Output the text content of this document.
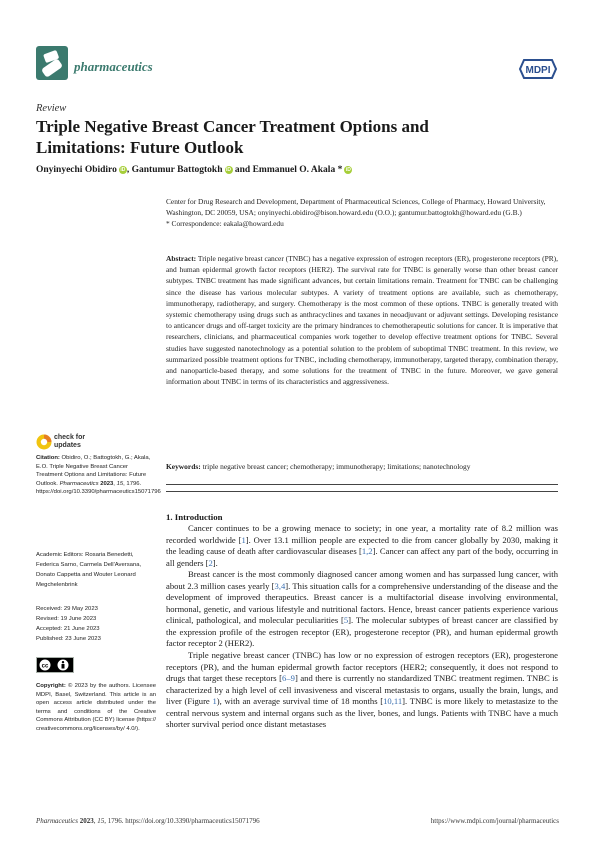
pharmaceutics	MDPI
Review
Triple Negative Breast Cancer Treatment Options and Limitations: Future Outlook
Onyinyechi Obidiro iD , Gantumur Battogtokh iD and Emmanuel O. Akala * iD
Center for Drug Research and Development, Department of Pharmaceutical Sciences, College of Pharmacy, Howard University, Washington, DC 20059, USA; onyinyechi.obidiro@bison.howard.edu (O.O.); gantumur.battogtokh@howard.edu (G.B.)
* Correspondence: eakala@howard.edu
Abstract: Triple negative breast cancer (TNBC) has a negative expression of estrogen receptors (ER), progesterone receptors (PR), and human epidermal growth factor receptors (HER2). The survival rate for TNBC is generally worse than other breast cancer subtypes. TNBC treatment has made significant advances, but certain limitations remain. Treatment for TNBC can be challenging since the disease has various molecular subtypes. A variety of treatment options are available, such as chemotherapy, immunotherapy, radiotherapy, and surgery. Chemotherapy is the most common of these options. TNBC is generally treated with systemic chemotherapy using drugs such as anthracyclines and taxanes in neoadjuvant or adjuvant settings. Developing resistance to anticancer drugs and off-target toxicity are the primary hindrances to chemotherapeutic solutions for cancer. It is imperative that researchers, clinicians, and pharmaceutical companies work together to develop effective treatment options for TNBC. Several studies have suggested nanotechnology as a potential solution to the problem of suboptimal TNBC treatment. In this review, we summarized possible treatment options for TNBC, including chemotherapy, immunotherapy, targeted therapy, combination therapy, and nanoparticle-based therapy, and some solutions for the treatment of TNBC in the future. Moreover, we gave general information about TNBC in terms of its characteristics and aggressiveness.
Keywords: triple negative breast cancer; chemotherapy; immunotherapy; limitations; nanotechnology
1. Introduction

Cancer continues to be a growing menace to society; in one year, a mortality rate of 8.2 million was recorded worldwide [1]. Over 13.1 million people are expected to die from cancer globally by 2030, making it the leading cause of death after cardiovascular diseases [1,2]. Cancer can affect any part of the body, occurring in all genders [2].

Breast cancer is the most commonly diagnosed cancer among women and has surpassed lung cancer, with about 2.3 million cases yearly [3,4]. This situation calls for a comprehensive understanding of the disease and the development of improved therapeutics. Breast cancer is a multifactorial disease involving environmental, hormonal, genetic, and various lifestyle and nutritional factors. Hence, breast cancer patients experience various clinical, pathological, and molecular peculiarities [5]. The molecular subtypes of breast cancer are classified by the expression profile of the estrogen receptor (ER), progesterone receptor (PR), and human epidermal growth factor receptor 2 (HER2).

Triple negative breast cancer (TNBC) has low or no expression of estrogen receptors (ER), progesterone receptors (PR), and the human epidermal growth factor receptors (HER2; consequently, it does not respond to drugs that target these receptors [6–9] and there is currently no standardized TNBC treatment regimen. TNBC is characterized by a high level of cell invasiveness and visceral metastasis to organs, usually the brain, lungs, and liver (Figure 1), with an average survival time of 18 months [10,11]. TNBC is more likely to metastasize to the central nervous system and internal organs such as the liver, bones, and lungs. Patients with TNBC have a much shorter survival period once distant metastases

check for
updates
Citation: Obidiro, O.; Battogtokh, G.; Akala, E.O. Triple Negative Breast Cancer Treatment Options and Limitations: Future Outlook. Pharmaceutics 2023, 15, 1796. https://doi.org/10.3390/pharmaceutics15071796
Academic Editors: Rosaria Benedetti, Federica Sarno, Carmela Dell'Aversana, Donato Cappetta and Wouter Leonard Megchelenbrink
Received: 29 May 2023
Revised: 19 June 2023
Accepted: 21 June 2023
Published: 23 June 2023
cc
Copyright: © 2023 by the authors. Licensee MDPI, Basel, Switzerland. This article is an open access article distributed under the terms and conditions of the Creative Commons Attribution (CC BY) license (https:// creativecommons.org/licenses/by/ 4.0/).
Pharmaceutics 2023, 15, 1796. https://doi.org/10.3390/pharmaceutics15071796	https://www.mdpi.com/journal/pharmaceutics
